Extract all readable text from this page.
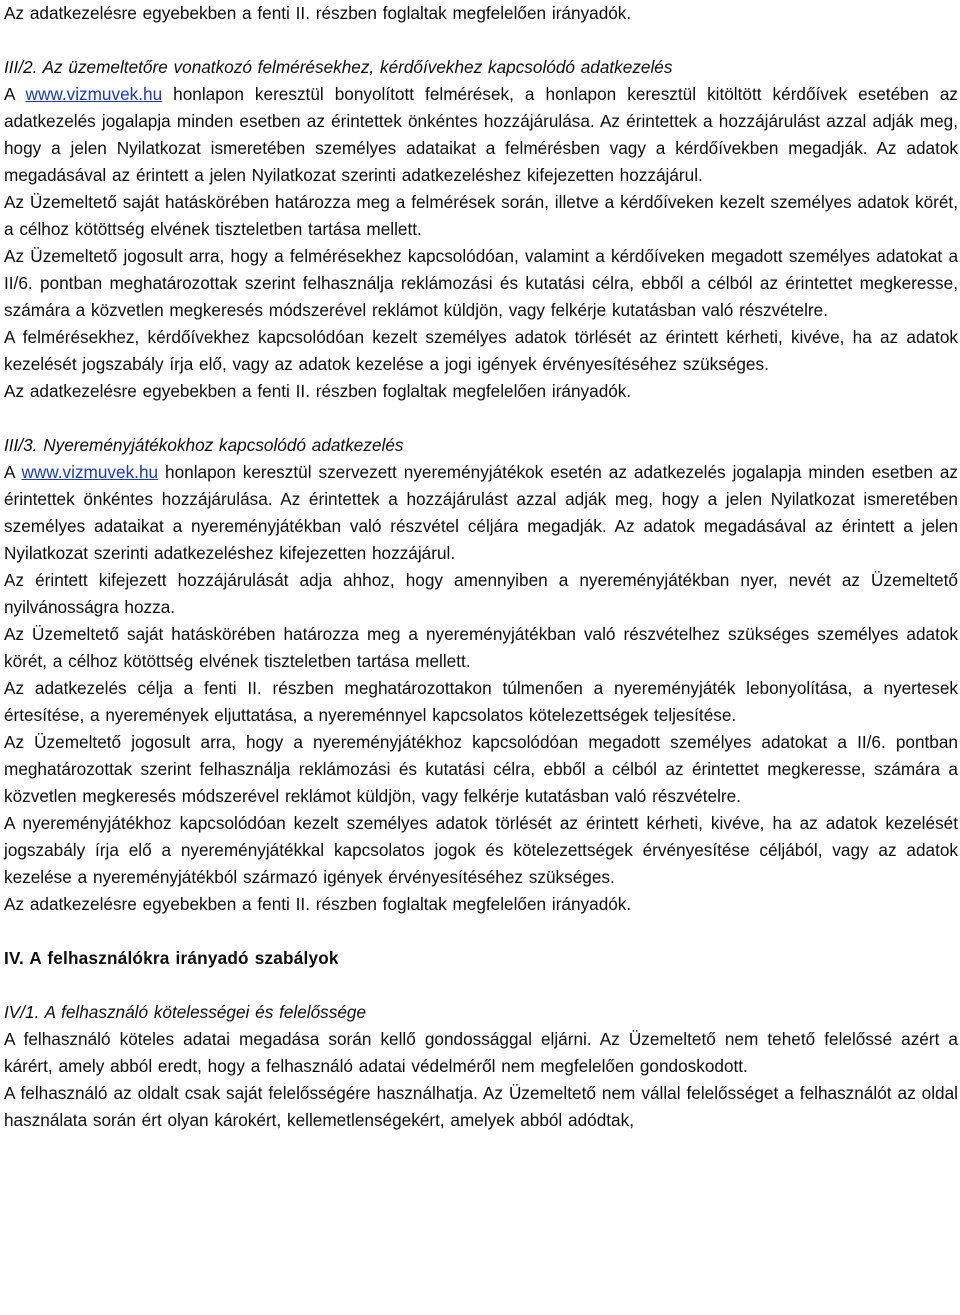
Az adatkezelésre egyebekben a fenti II. részben foglaltak megfelelően irányadók.

III/2. Az üzemeltetőre vonatkozó felmérésekhez, kérdőívekhez kapcsolódó adatkezelés

A www.vizmuvek.hu honlapon keresztül bonyolított felmérések, a honlapon keresztül kitöltött kérdőívek esetében az adatkezelés jogalapja minden esetben az érintettek önkéntes hozzájárulása. Az érintettek a hozzájárulást azzal adják meg, hogy a jelen Nyilatkozat ismeretében személyes adataikat a felmérésben vagy a kérdőívekben megadják. Az adatok megadásával az érintett a jelen Nyilatkozat szerinti adatkezeléshez kifejezetten hozzájárul.

Az Üzemeltető saját hatáskörében határozza meg a felmérések során, illetve a kérdőíveken kezelt személyes adatok körét, a célhoz kötöttség elvének tiszteletben tartása mellett.

Az Üzemeltető jogosult arra, hogy a felmérésekhez kapcsolódóan, valamint a kérdőíveken megadott személyes adatokat a II/6. pontban meghatározottak szerint felhasználja reklámozási és kutatási célra, ebből a célból az érintettet megkeresse, számára a közvetlen megkeresés módszerével reklámot küldjön, vagy felkérje kutatásban való részvételre.

A felmérésekhez, kérdőívekhez kapcsolódóan kezelt személyes adatok törlését az érintett kérheti, kivéve, ha az adatok kezelését jogszabály írja elő, vagy az adatok kezelése a jogi igények érvényesítéséhez szükséges.

Az adatkezelésre egyebekben a fenti II. részben foglaltak megfelelően irányadók.

III/3. Nyereményjátékokhoz kapcsolódó adatkezelés

A www.vizmuvek.hu honlapon keresztül szervezett nyereményjátékok esetén az adatkezelés jogalapja minden esetben az érintettek önkéntes hozzájárulása. Az érintettek a hozzájárulást azzal adják meg, hogy a jelen Nyilatkozat ismeretében személyes adataikat a nyereményjátékban való részvétel céljára megadják. Az adatok megadásával az érintett a jelen Nyilatkozat szerinti adatkezeléshez kifejezetten hozzájárul.

Az érintett kifejezett hozzájárulását adja ahhoz, hogy amennyiben a nyereményjátékban nyer, nevét az Üzemeltető nyilvánosságra hozza.

Az Üzemeltető saját hatáskörében határozza meg a nyereményjátékban való részvételhez szükséges személyes adatok körét, a célhoz kötöttség elvének tiszteletben tartása mellett.

Az adatkezelés célja a fenti II. részben meghatározottakon túlmenően a nyereményjáték lebonyolítása, a nyertesek értesítése, a nyeremények eljuttatása, a nyereménnyel kapcsolatos kötelezettségek teljesítése.

Az Üzemeltető jogosult arra, hogy a nyereményjátékhoz kapcsolódóan megadott személyes adatokat a II/6. pontban meghatározottak szerint felhasználja reklámozási és kutatási célra, ebből a célból az érintettet megkeresse, számára a közvetlen megkeresés módszerével reklámot küldjön, vagy felkérje kutatásban való részvételre.

A nyereményjátékhoz kapcsolódóan kezelt személyes adatok törlését az érintett kérheti, kivéve, ha az adatok kezelését jogszabály írja elő a nyereményjátékkal kapcsolatos jogok és kötelezettségek érvényesítése céljából, vagy az adatok kezelése a nyereményjátékból származó igények érvényesítéséhez szükséges.

Az adatkezelésre egyebekben a fenti II. részben foglaltak megfelelően irányadók.

IV. A felhasználókra irányadó szabályok

IV/1. A felhasználó kötelességei és felelőssége

A felhasználó köteles adatai megadása során kellő gondossággal eljárni. Az Üzemeltető nem tehető felelőssé azért a kárért, amely abból eredt, hogy a felhasználó adatai védelméről nem megfelelően gondoskodott.

A felhasználó az oldalt csak saját felelősségére használhatja. Az Üzemeltető nem vállal felelősséget a felhasználót az oldal használata során ért olyan károkért, kellemetlenségekért, amelyek abból adódtak,
